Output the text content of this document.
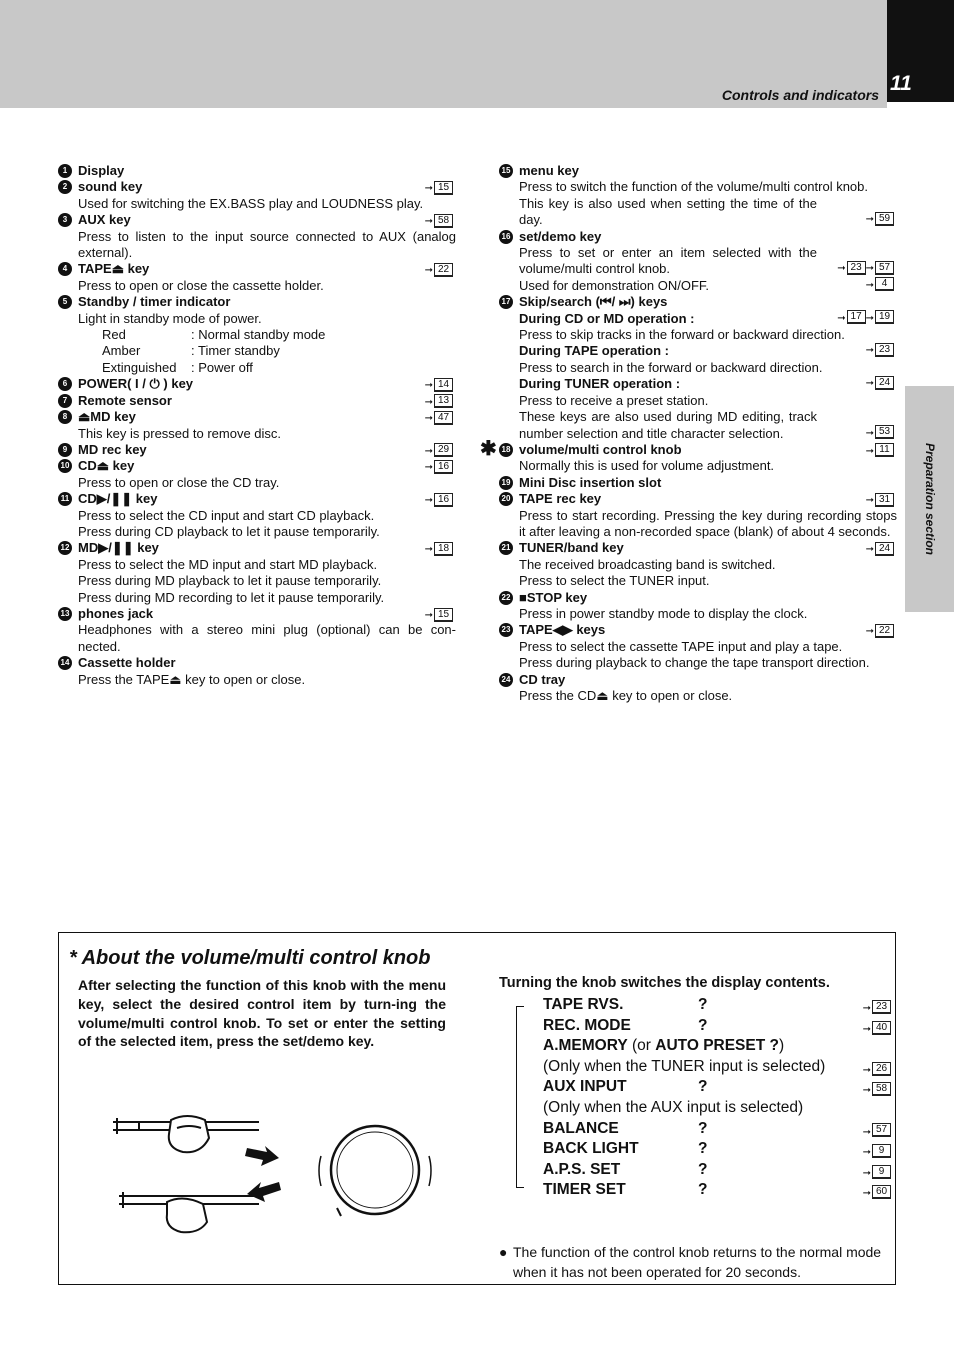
Controls and indicators 11
Preparation section
1 Display
2 sound key	➞ 15
Used for switching the EX.BASS play and LOUDNESS play.
3 AUX key	➞ 58
Press to listen to the input source connected to AUX (analog external).
4 TAPE⏏ key	➞ 22
Press to open or close the cassette holder.
5 Standby / timer indicator
Light in standby mode of power.
Red	: Normal standby mode
Amber	: Timer standby
Extinguished : Power off
6 POWER( I / ⏻ ) key	➞ 14
7 Remote sensor	➞ 13
8 ⏏MD key	➞ 47
This key is pressed to remove disc.
9 MD rec key	➞ 29
10 CD⏏ key	➞ 16
Press to open or close the CD tray.
11 CD▶/❚❚ key	➞ 16
Press to select the CD input and start CD playback.
Press during CD playback to let it pause temporarily.
12 MD▶/❚❚ key	➞ 18
Press to select the MD input and start MD playback.
Press during MD playback to let it pause temporarily.
Press during MD recording to let it pause temporarily.
13 phones jack	➞ 15
Headphones with a stereo mini plug (optional) can be con-nected.
14 Cassette holder
Press the TAPE⏏ key to open or close.
15 menu key
Press to switch the function of the volume/multi control knob.
This key is also used when setting the time of the day.	➞ 59
16 set/demo key
Press to set or enter an item selected with the volume/multi control knob.	➞ 23 ➞ 57
Used for demonstration ON/OFF.	➞ 4
17 Skip/search (⏮/ ⏭) keys
During CD or MD operation :	➞ 17 ➞ 19
Press to skip tracks in the forward or backward direction.
During TAPE operation :	➞ 23
Press to search in the forward or backward direction.
During TUNER operation :	➞ 24
Press to receive a preset station.
These keys are also used during MD editing, track number selection and title character selection.	➞ 53
✱ 18 volume/multi control knob	➞ 11
Normally this is used for volume adjustment.
19 Mini Disc insertion slot
20 TAPE rec key	➞ 31
Press to start recording. Pressing the key during recording stops it after leaving a non-recorded space (blank) of about 4 seconds.
21 TUNER/band key	➞ 24
The received broadcasting band is switched.
Press to select the TUNER input.
22 ■STOP key
Press in power standby mode to display the clock.
23 TAPE◀▶ keys	➞ 22
Press to select the cassette TAPE input and play a tape.
Press during playback to change the tape transport direction.
24 CD tray
Press the CD⏏ key to open or close.
* About the volume/multi control knob
After selecting the function of this knob with the menu key, select the desired control item by turn-ing the volume/multi control knob. To set or enter the setting of the selected item, press the set/demo key.
Turning the knob switches the display contents.
TAPE RVS.	?	➞ 23
REC. MODE	?	➞ 40
A.MEMORY (or AUTO PRESET ?)
(Only when the TUNER input is selected)	➞ 26
AUX INPUT	?	➞ 58
(Only when the AUX input is selected)
BALANCE	?	➞ 57
BACK LIGHT	?	➞ 9
A.P.S. SET	?	➞ 9
TIMER SET	?	➞ 60
● The function of the control knob returns to the normal mode when it has not been operated for 20 seconds.
